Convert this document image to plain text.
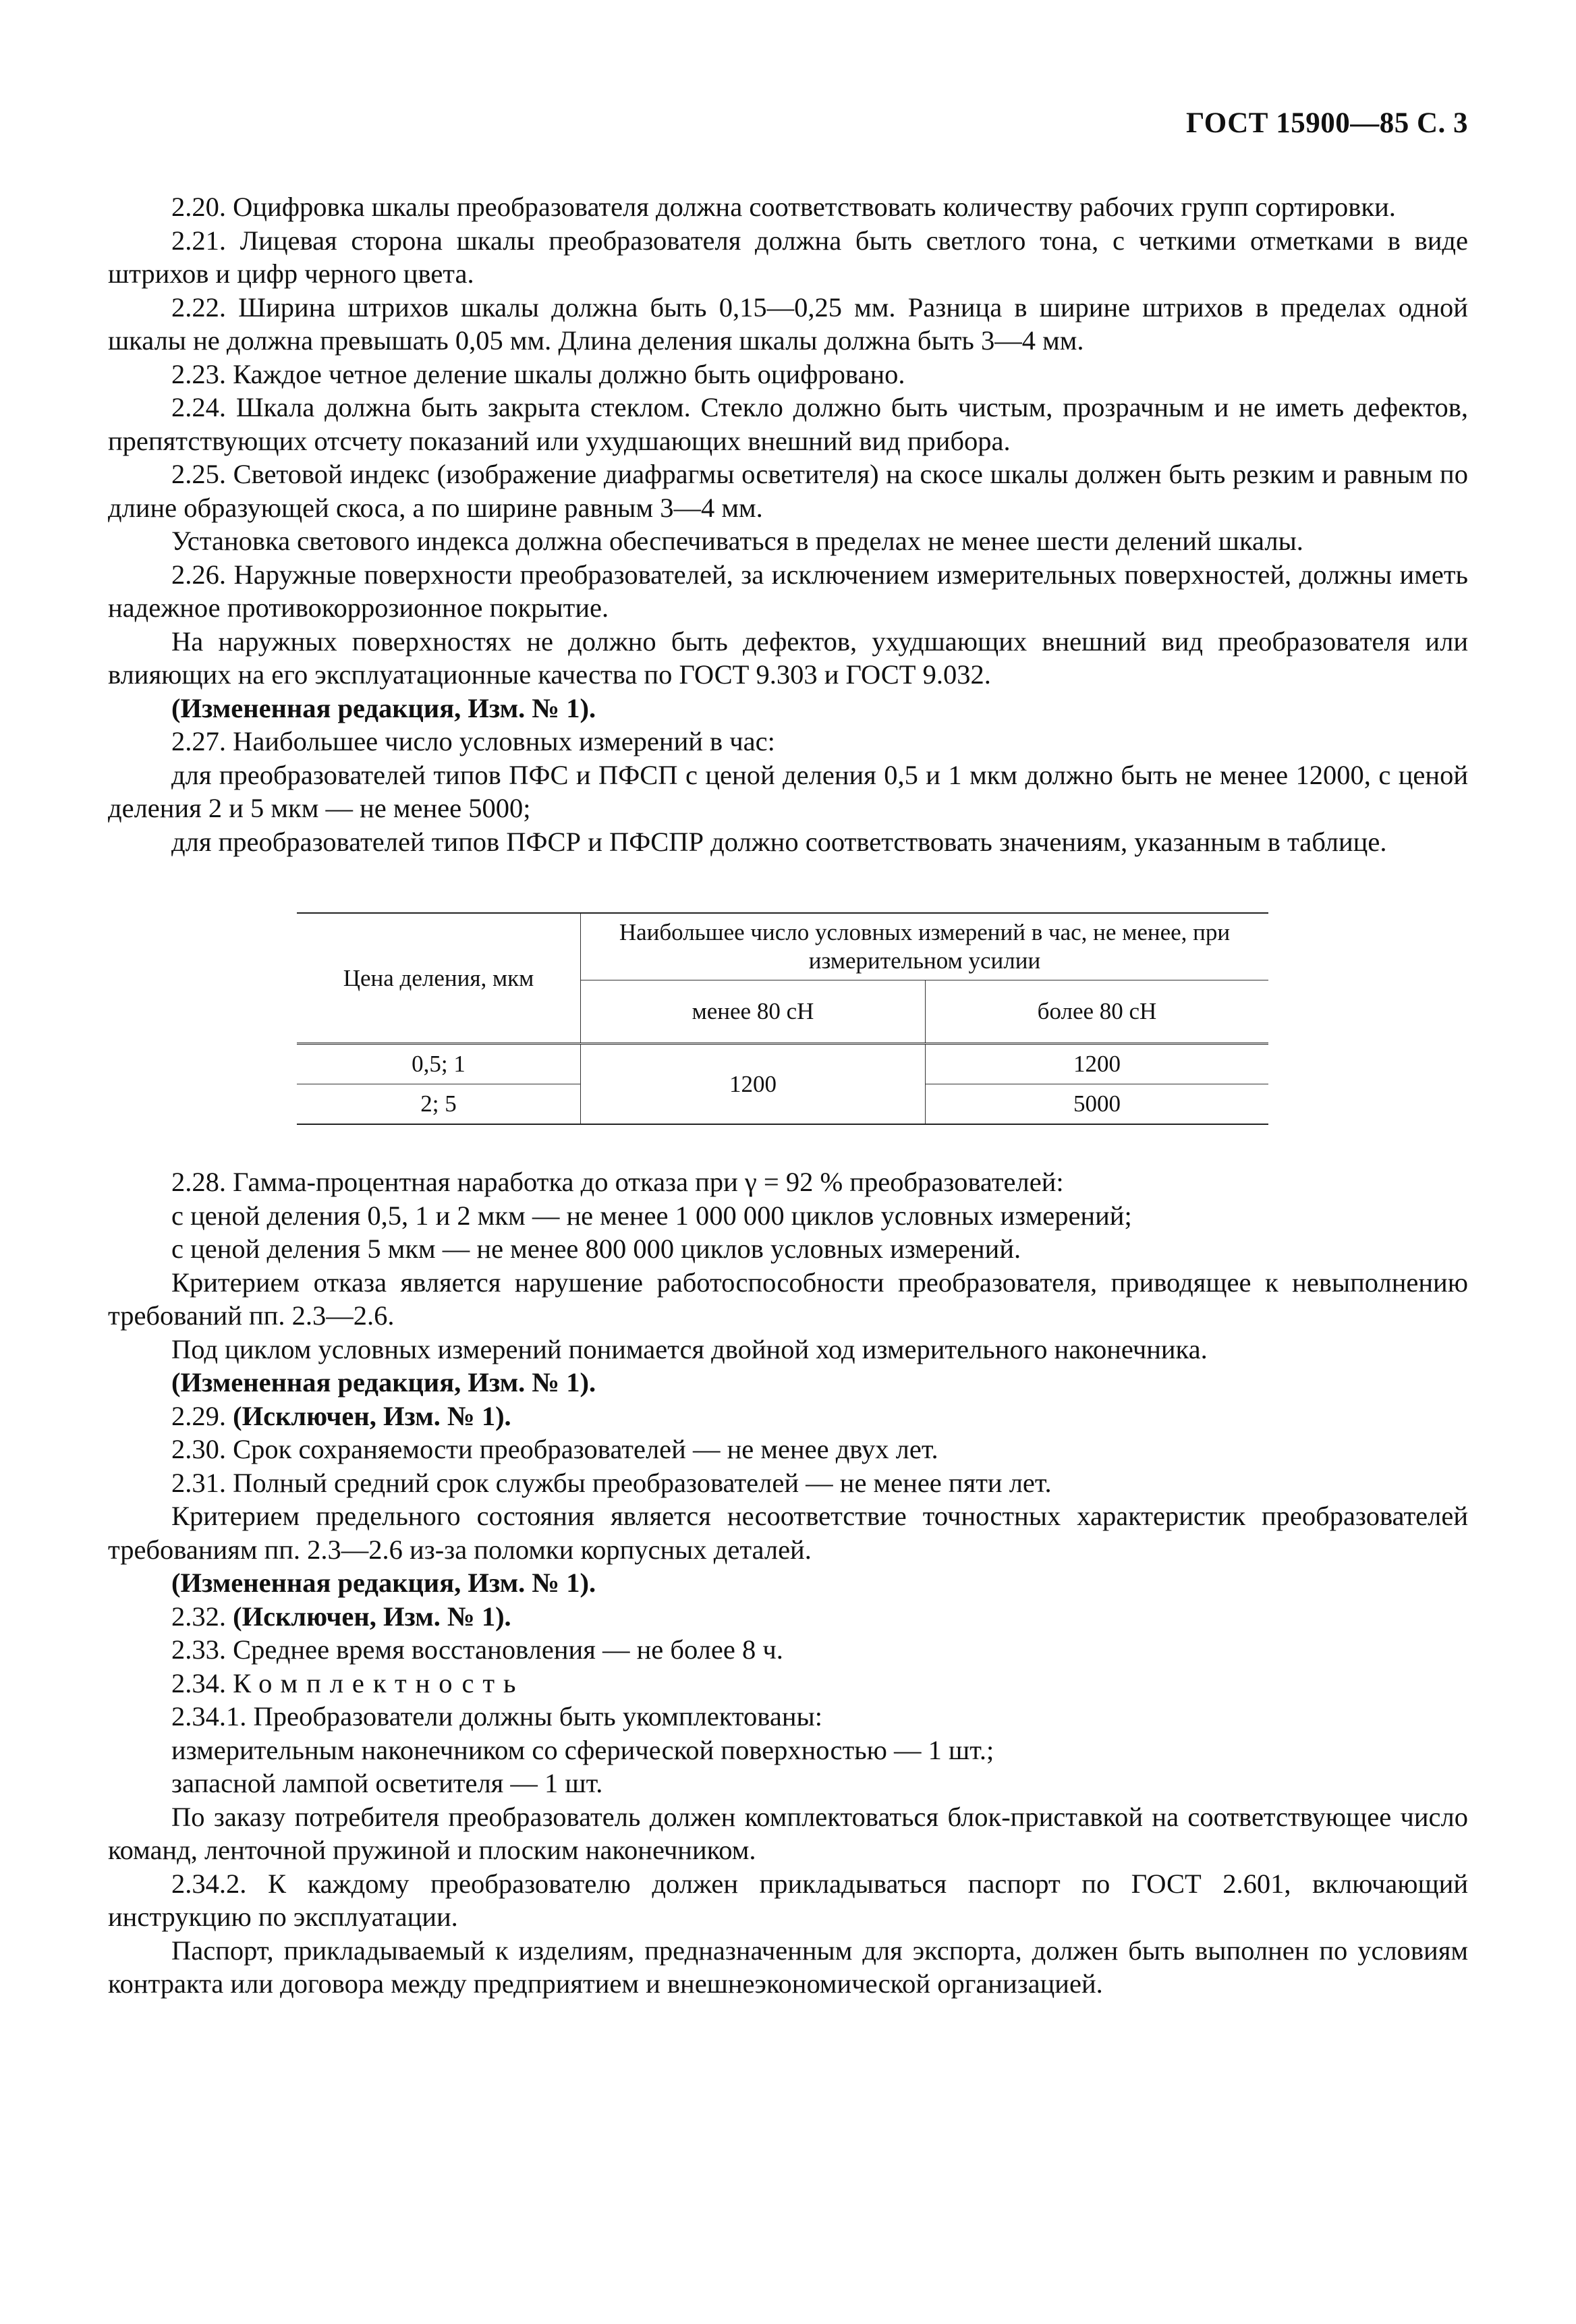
ГОСТ 15900—85 С. 3

2.20. Оцифровка шкалы преобразователя должна соответствовать количеству рабочих групп сортировки.

2.21. Лицевая сторона шкалы преобразователя должна быть светлого тона, с четкими отметками в виде штрихов и цифр черного цвета.

2.22. Ширина штрихов шкалы должна быть 0,15—0,25 мм. Разница в ширине штрихов в пределах одной шкалы не должна превышать 0,05 мм. Длина деления шкалы должна быть 3—4 мм.

2.23. Каждое четное деление шкалы должно быть оцифровано.

2.24. Шкала должна быть закрыта стеклом. Стекло должно быть чистым, прозрачным и не иметь дефектов, препятствующих отсчету показаний или ухудшающих внешний вид прибора.

2.25. Световой индекс (изображение диафрагмы осветителя) на скосе шкалы должен быть резким и равным по длине образующей скоса, а по ширине равным 3—4 мм.

Установка светового индекса должна обеспечиваться в пределах не менее шести делений шкалы.

2.26. Наружные поверхности преобразователей, за исключением измерительных поверхностей, должны иметь надежное противокоррозионное покрытие.

На наружных поверхностях не должно быть дефектов, ухудшающих внешний вид преобразователя или влияющих на его эксплуатационные качества по ГОСТ 9.303 и ГОСТ 9.032.

(Измененная редакция, Изм. № 1).

2.27. Наибольшее число условных измерений в час:

для преобразователей типов ПФС и ПФСП с ценой деления 0,5 и 1 мкм должно быть не менее 12000, с ценой деления 2 и 5 мкм — не менее 5000;

для преобразователей типов ПФСР и ПФСПР должно соответствовать значениям, указанным в таблице.

Цена деления, мкм	Наибольшее число условных измерений в час, не менее, при измерительном усилии	
	менее 80 сН	более 80 сН
0,5; 1	1200	1200
2; 5		5000

2.28. Гамма-процентная наработка до отказа при γ = 92 % преобразователей:

с ценой деления 0,5, 1 и 2 мкм — не менее 1 000 000 циклов условных измерений;

с ценой деления 5 мкм — не менее 800 000 циклов условных измерений.

Критерием отказа является нарушение работоспособности преобразователя, приводящее к невыполнению требований пп. 2.3—2.6.

Под циклом условных измерений понимается двойной ход измерительного наконечника.

(Измененная редакция, Изм. № 1).

2.29. (Исключен, Изм. № 1).

2.30. Срок сохраняемости преобразователей — не менее двух лет.

2.31. Полный средний срок службы преобразователей — не менее пяти лет.

Критерием предельного состояния является несоответствие точностных характеристик преобразователей требованиям пп. 2.3—2.6 из-за поломки корпусных деталей.

(Измененная редакция, Изм. № 1).

2.32. (Исключен, Изм. № 1).

2.33. Среднее время восстановления — не более 8 ч.

2.34. Комплектность

2.34.1. Преобразователи должны быть укомплектованы:

измерительным наконечником со сферической поверхностью — 1 шт.;

запасной лампой осветителя — 1 шт.

По заказу потребителя преобразователь должен комплектоваться блок-приставкой на соответствующее число команд, ленточной пружиной и плоским наконечником.

2.34.2. К каждому преобразователю должен прикладываться паспорт по ГОСТ 2.601, включающий инструкцию по эксплуатации.

Паспорт, прикладываемый к изделиям, предназначенным для экспорта, должен быть выполнен по условиям контракта или договора между предприятием и внешнеэкономической организацией.
